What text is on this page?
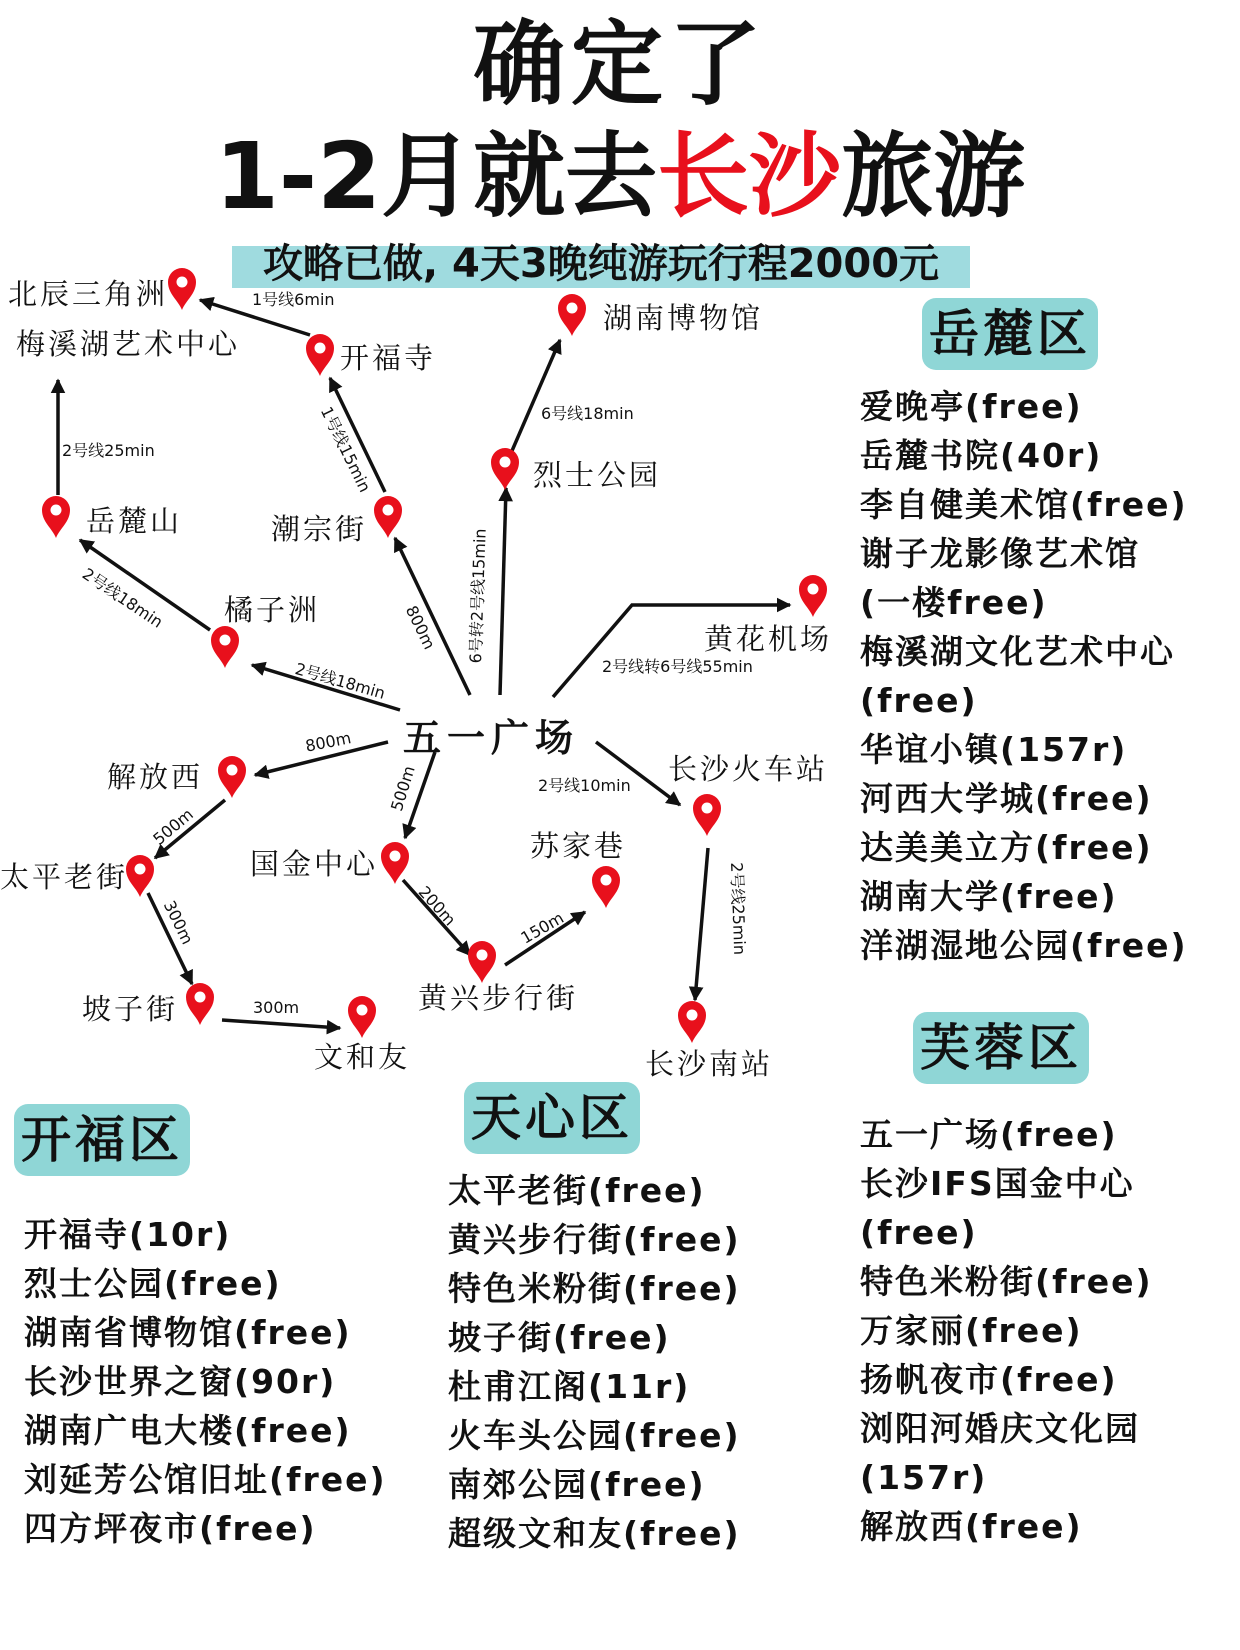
确定了
1-2月就去长沙旅游
攻略已做, 4天3晚纯游玩行程2000元
北辰三角洲
梅溪湖艺术中心	开福寺
湖南博物馆
烈士公园
岳麓山	潮宗街
橘子洲
黄花机场
解放西
太平老街	国金中心
苏家巷
长沙火车站
坡子街
文和友
黄兴步行街
长沙南站
五一广场
1号线6min
2号线25min	1号线15min	6号线18min
2号线18min	800m 6号转2号线15min
2号线转6号线55min
2号线18min
800m
500m	2号线10min
500m
300m
300m
200m	150m	2号线25min
岳麓区
芙蓉区
开福区	天心区
爱晚亭(free)
岳麓书院(40r)
李自健美术馆(free)
谢子龙影像艺术馆
(一楼free)
梅溪湖文化艺术中心
(free)
华谊小镇(157r)
河西大学城(free)
达美美立方(free)
湖南大学(free)
洋湖湿地公园(free)
五一广场(free)
长沙IFS国金中心
(free)
特色米粉街(free)
万家丽(free)
扬帆夜市(free)
浏阳河婚庆文化园
(157r)
解放西(free)
开福寺(10r)
烈士公园(free)
湖南省博物馆(free)
长沙世界之窗(90r)
湖南广电大楼(free)
刘延芳公馆旧址(free)
四方坪夜市(free)
太平老街(free)
黄兴步行街(free)
特色米粉街(free)
坡子街(free)
杜甫江阁(11r)
火车头公园(free)
南郊公园(free)
超级文和友(free)
